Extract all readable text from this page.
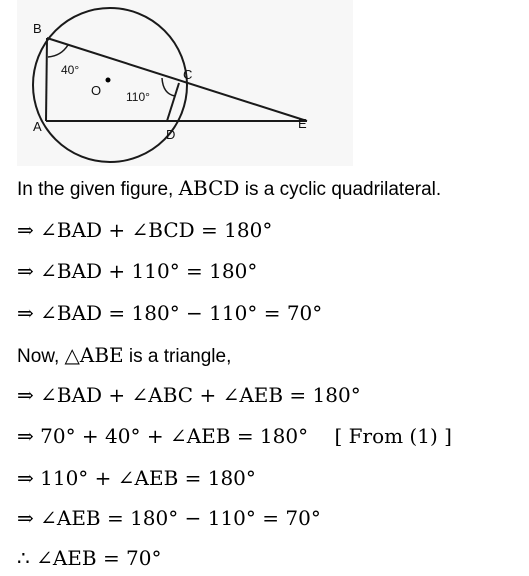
B
A
C
D
E
O
40°
110°
In the given figure, ABCD is a cyclic quadrilateral.
⇒ ∠BAD + ∠BCD = 180°
⇒ ∠BAD + 110° = 180°
⇒ ∠BAD = 180° − 110° = 70°
Now, △ABE is a triangle,
⇒ ∠BAD + ∠ABC + ∠AEB = 180°
⇒ 70° + 40° + ∠AEB = 180° [ From (1) ]
⇒ 110° + ∠AEB = 180°
⇒ ∠AEB = 180° − 110° = 70°
∴ ∠AEB = 70°
